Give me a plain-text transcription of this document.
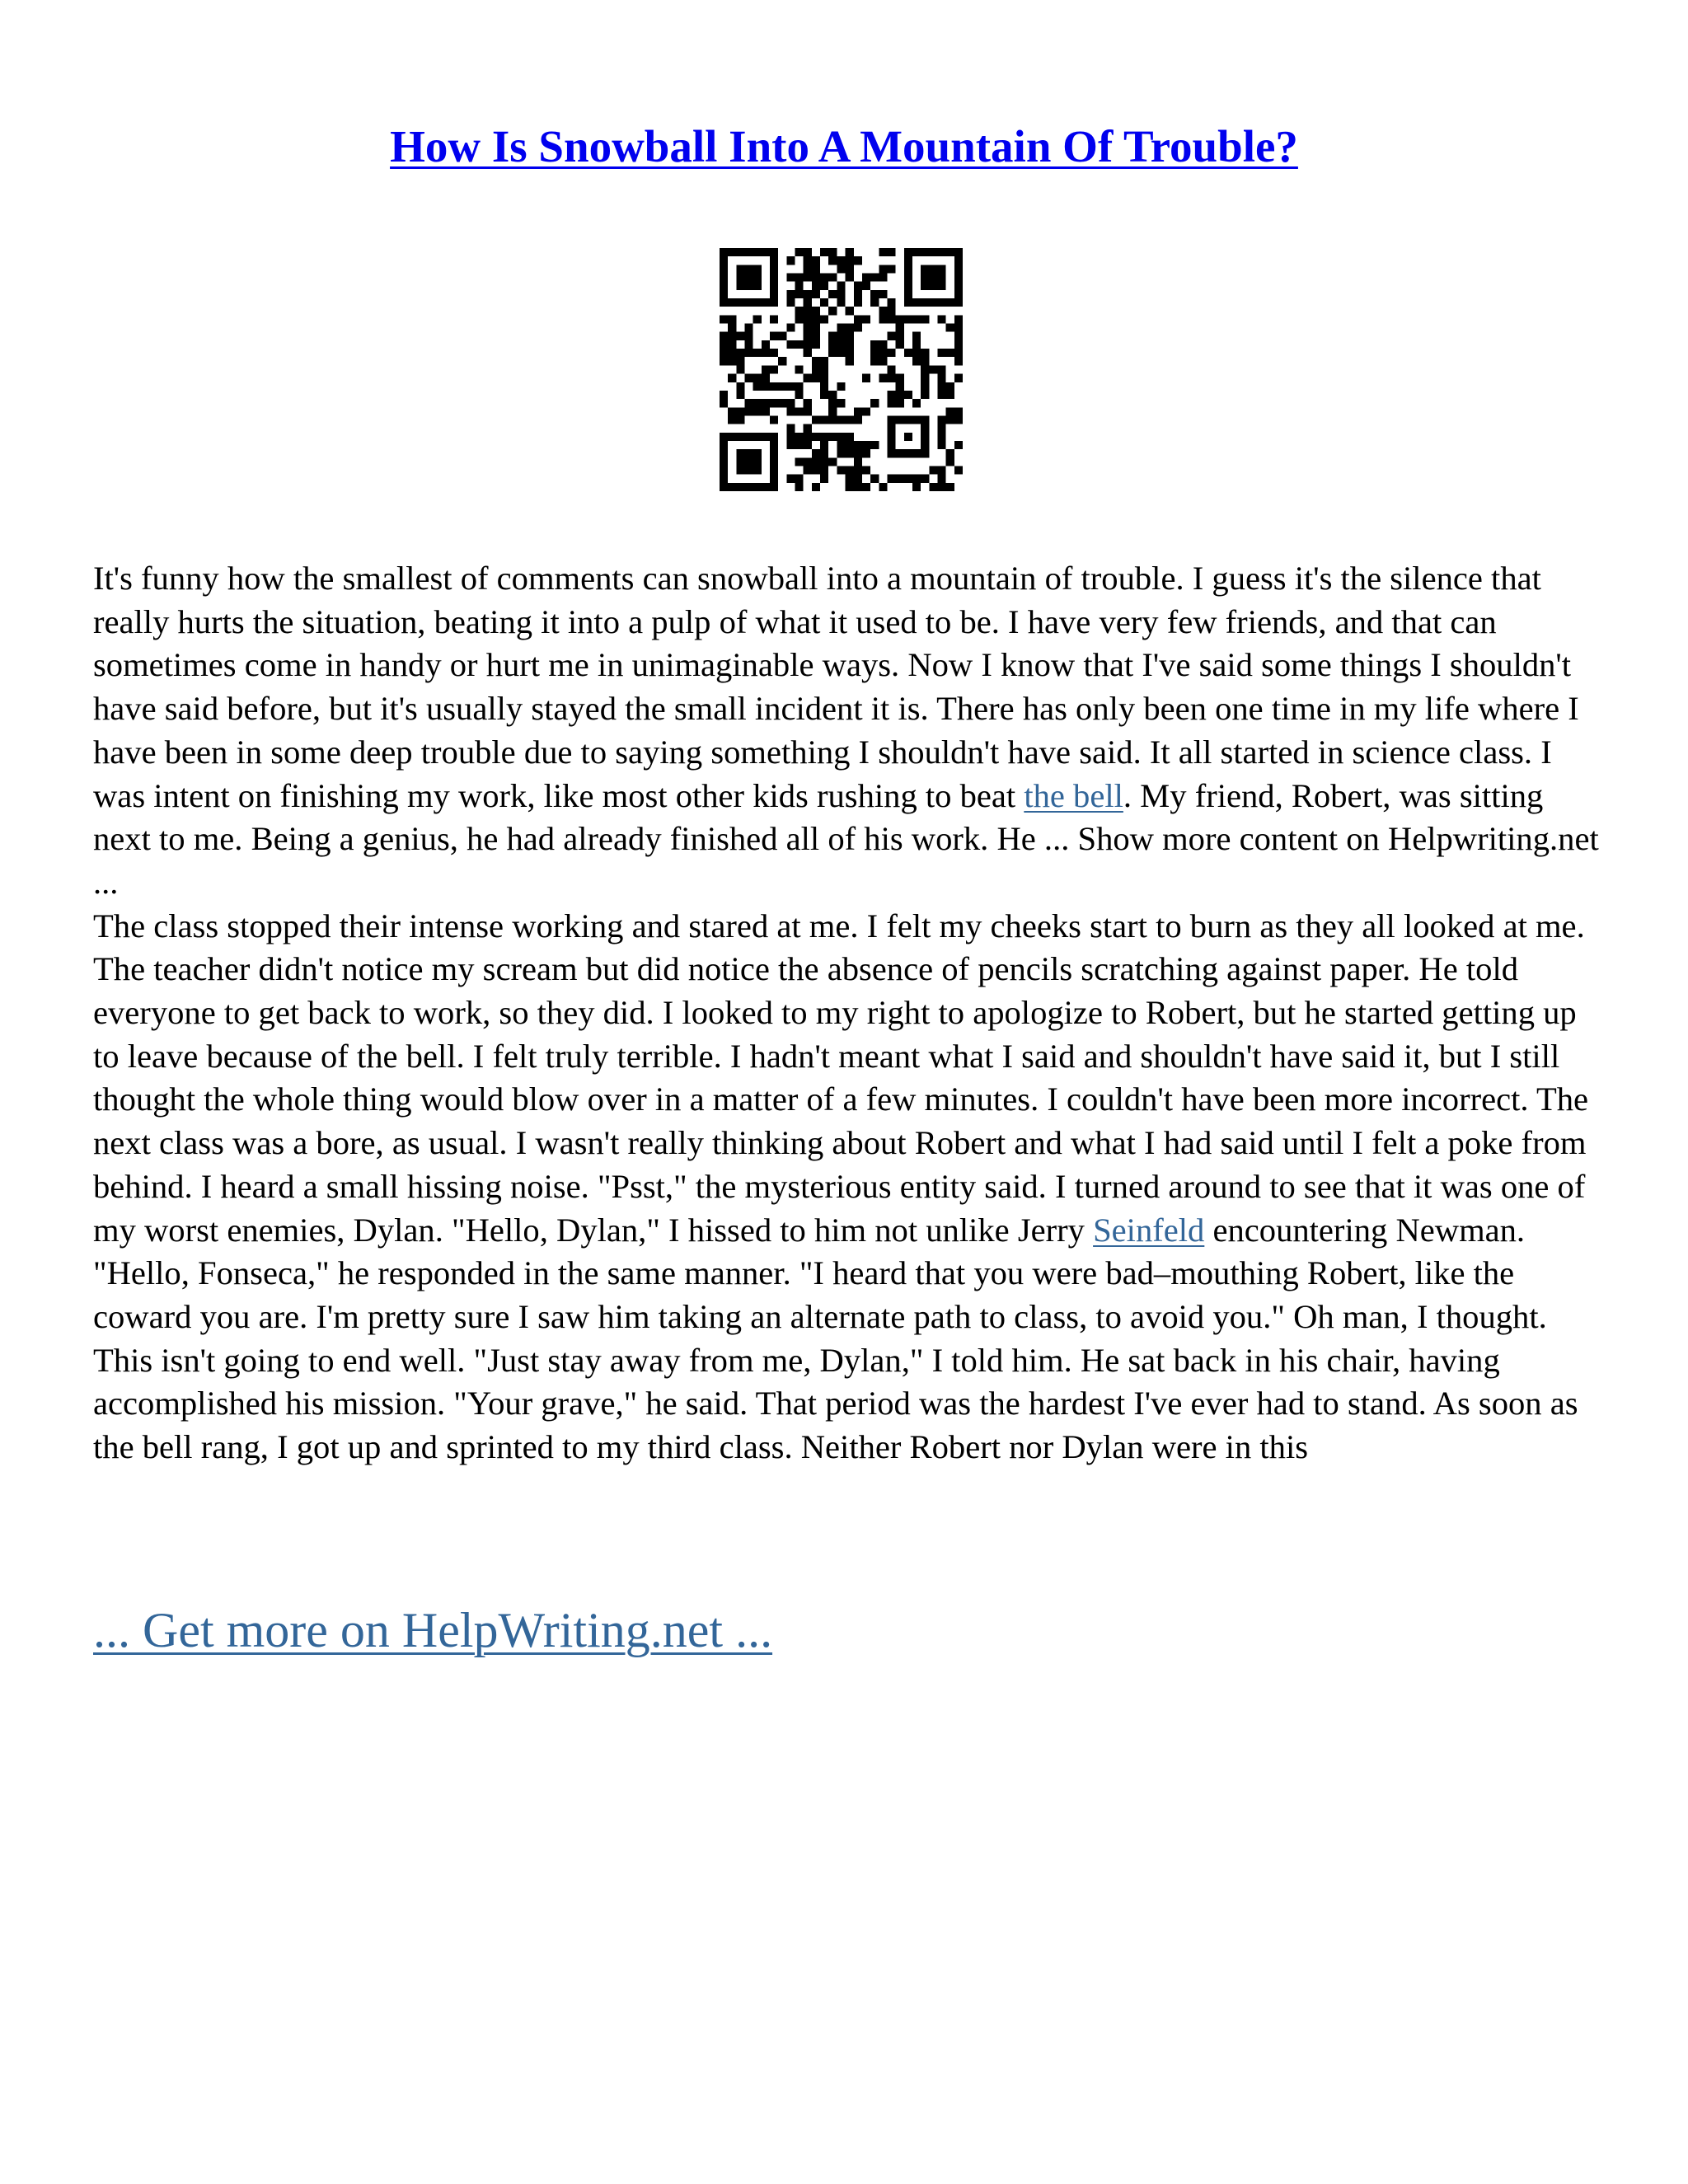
How Is Snowball Into A Mountain Of Trouble?

It's funny how the smallest of comments can snowball into a mountain of trouble. I guess it's the silence that really hurts the situation, beating it into a pulp of what it used to be. I have very few friends, and that can sometimes come in handy or hurt me in unimaginable ways. Now I know that I've said some things I shouldn't have said before, but it's usually stayed the small incident it is. There has only been one time in my life where I have been in some deep trouble due to saying something I shouldn't have said. It all started in science class. I was intent on finishing my work, like most other kids rushing to beat the bell. My friend, Robert, was sitting next to me. Being a genius, he had already finished all of his work. He ... Show more content on Helpwriting.net ...
The class stopped their intense working and stared at me. I felt my cheeks start to burn as they all looked at me. The teacher didn't notice my scream but did notice the absence of pencils scratching against paper. He told everyone to get back to work, so they did. I looked to my right to apologize to Robert, but he started getting up to leave because of the bell. I felt truly terrible. I hadn't meant what I said and shouldn't have said it, but I still thought the whole thing would blow over in a matter of a few minutes. I couldn't have been more incorrect. The next class was a bore, as usual. I wasn't really thinking about Robert and what I had said until I felt a poke from behind. I heard a small hissing noise. "Psst," the mysterious entity said. I turned around to see that it was one of my worst enemies, Dylan. "Hello, Dylan," I hissed to him not unlike Jerry Seinfeld encountering Newman. "Hello, Fonseca," he responded in the same manner. "I heard that you were bad–mouthing Robert, like the coward you are. I'm pretty sure I saw him taking an alternate path to class, to avoid you." Oh man, I thought. This isn't going to end well. "Just stay away from me, Dylan," I told him. He sat back in his chair, having accomplished his mission. "Your grave," he said. That period was the hardest I've ever had to stand. As soon as the bell rang, I got up and sprinted to my third class. Neither Robert nor Dylan were in this

... Get more on HelpWriting.net ...
